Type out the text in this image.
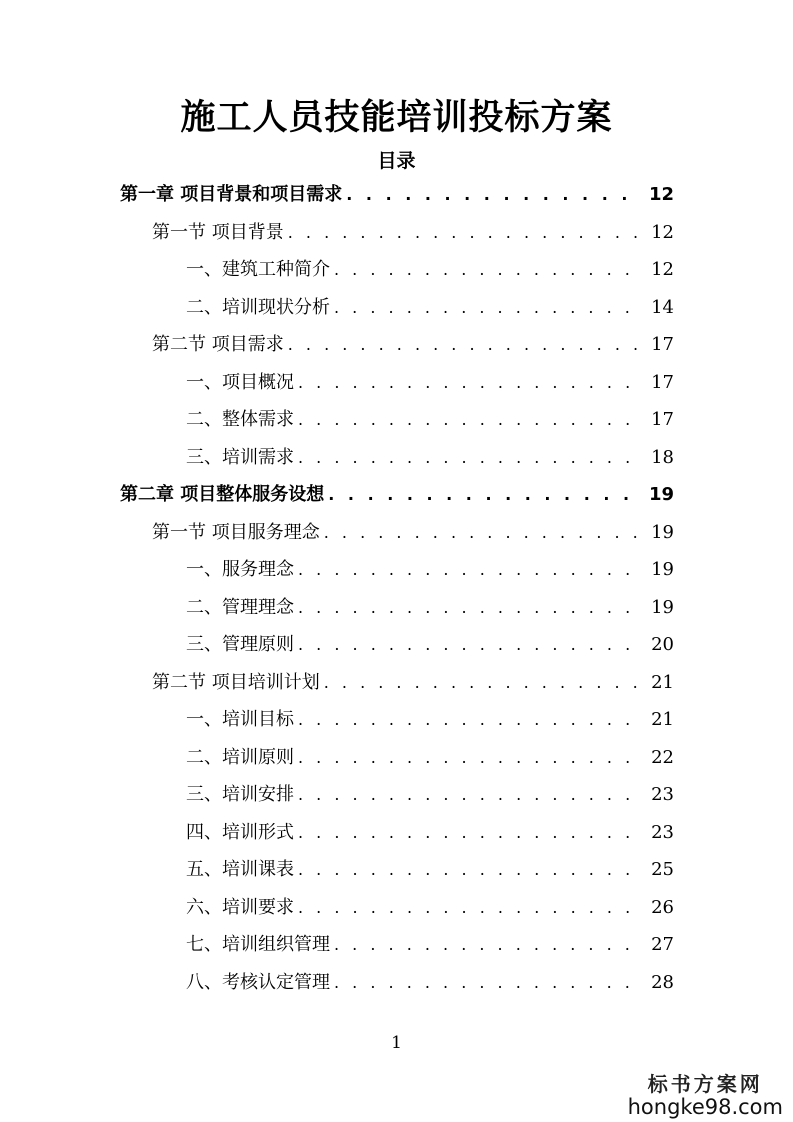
施工人员技能培训投标方案
目录
第一章 项目背景和项目需求 . . .	12
第一节 项目背景 . . .	12
一、建筑工种简介 . . .	12
二、培训现状分析 . . .	14
第二节 项目需求 . . .	17
一、项目概况 . . .	17
二、整体需求 . . .	17
三、培训需求 . . .	18
第二章 项目整体服务设想 . . .	19
第一节 项目服务理念 . . .	19
一、服务理念 . . .	19
二、管理理念 . . .	19
三、管理原则 . . .	20
第二节 项目培训计划 . . .	21
一、培训目标 . . .	21
二、培训原则 . . .	22
三、培训安排 . . .	23
四、培训形式 . . .	23
五、培训课表 . . .	25
六、培训要求 . . .	26
七、培训组织管理 . . .	27
八、考核认定管理 . . .	28
1
标书方案网
hongke98.com
